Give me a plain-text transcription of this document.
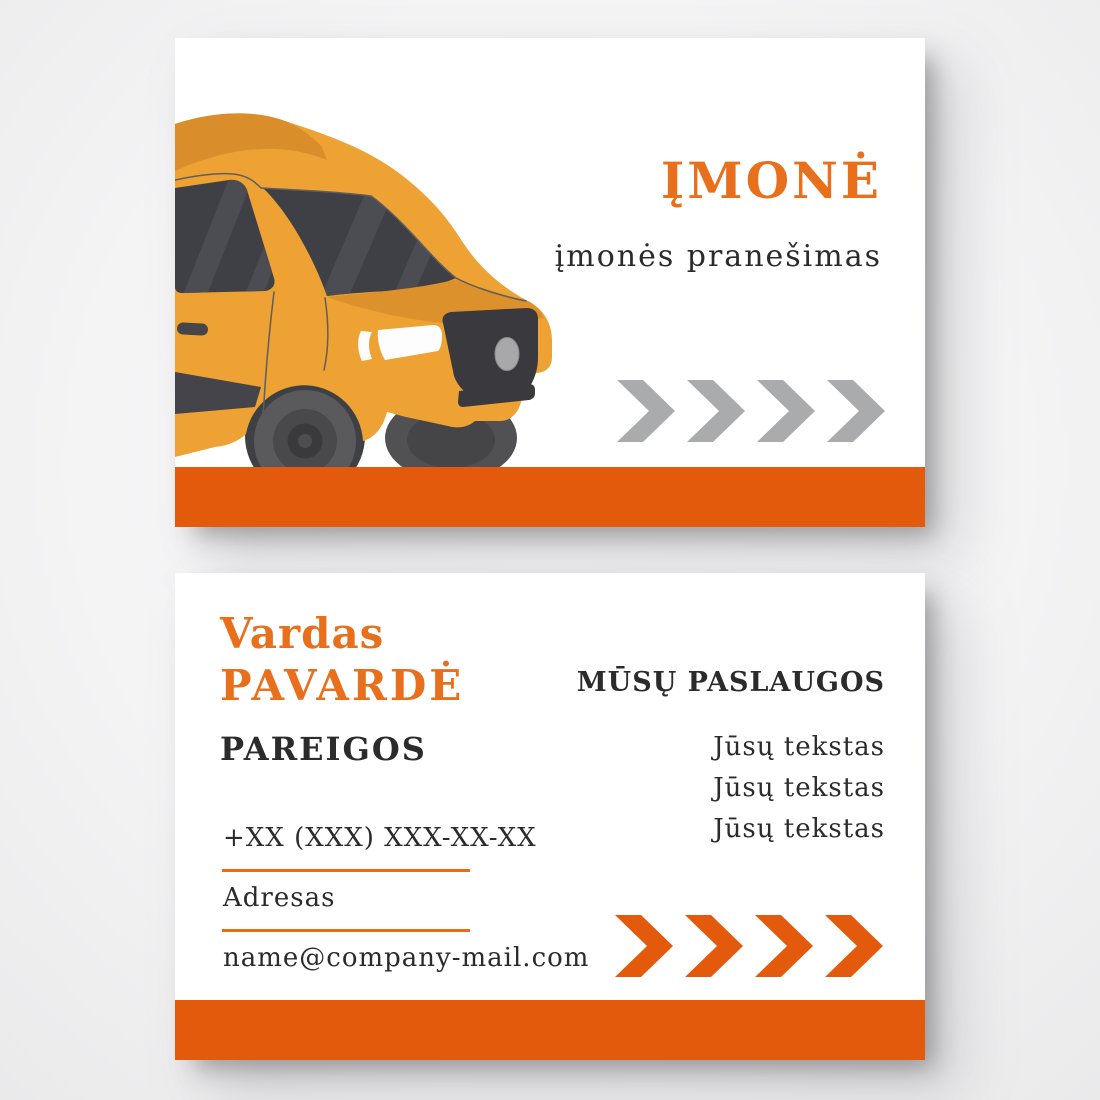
ĮMONĖ
įmonės pranešimas
Vardas
PAVARDĖ
PAREIGOS
+XX (XXX) XXX-XX-XX
Adresas
name@company-mail.com
MŪSŲ PASLAUGOS
Jūsų tekstas
Jūsų tekstas
Jūsų tekstas
